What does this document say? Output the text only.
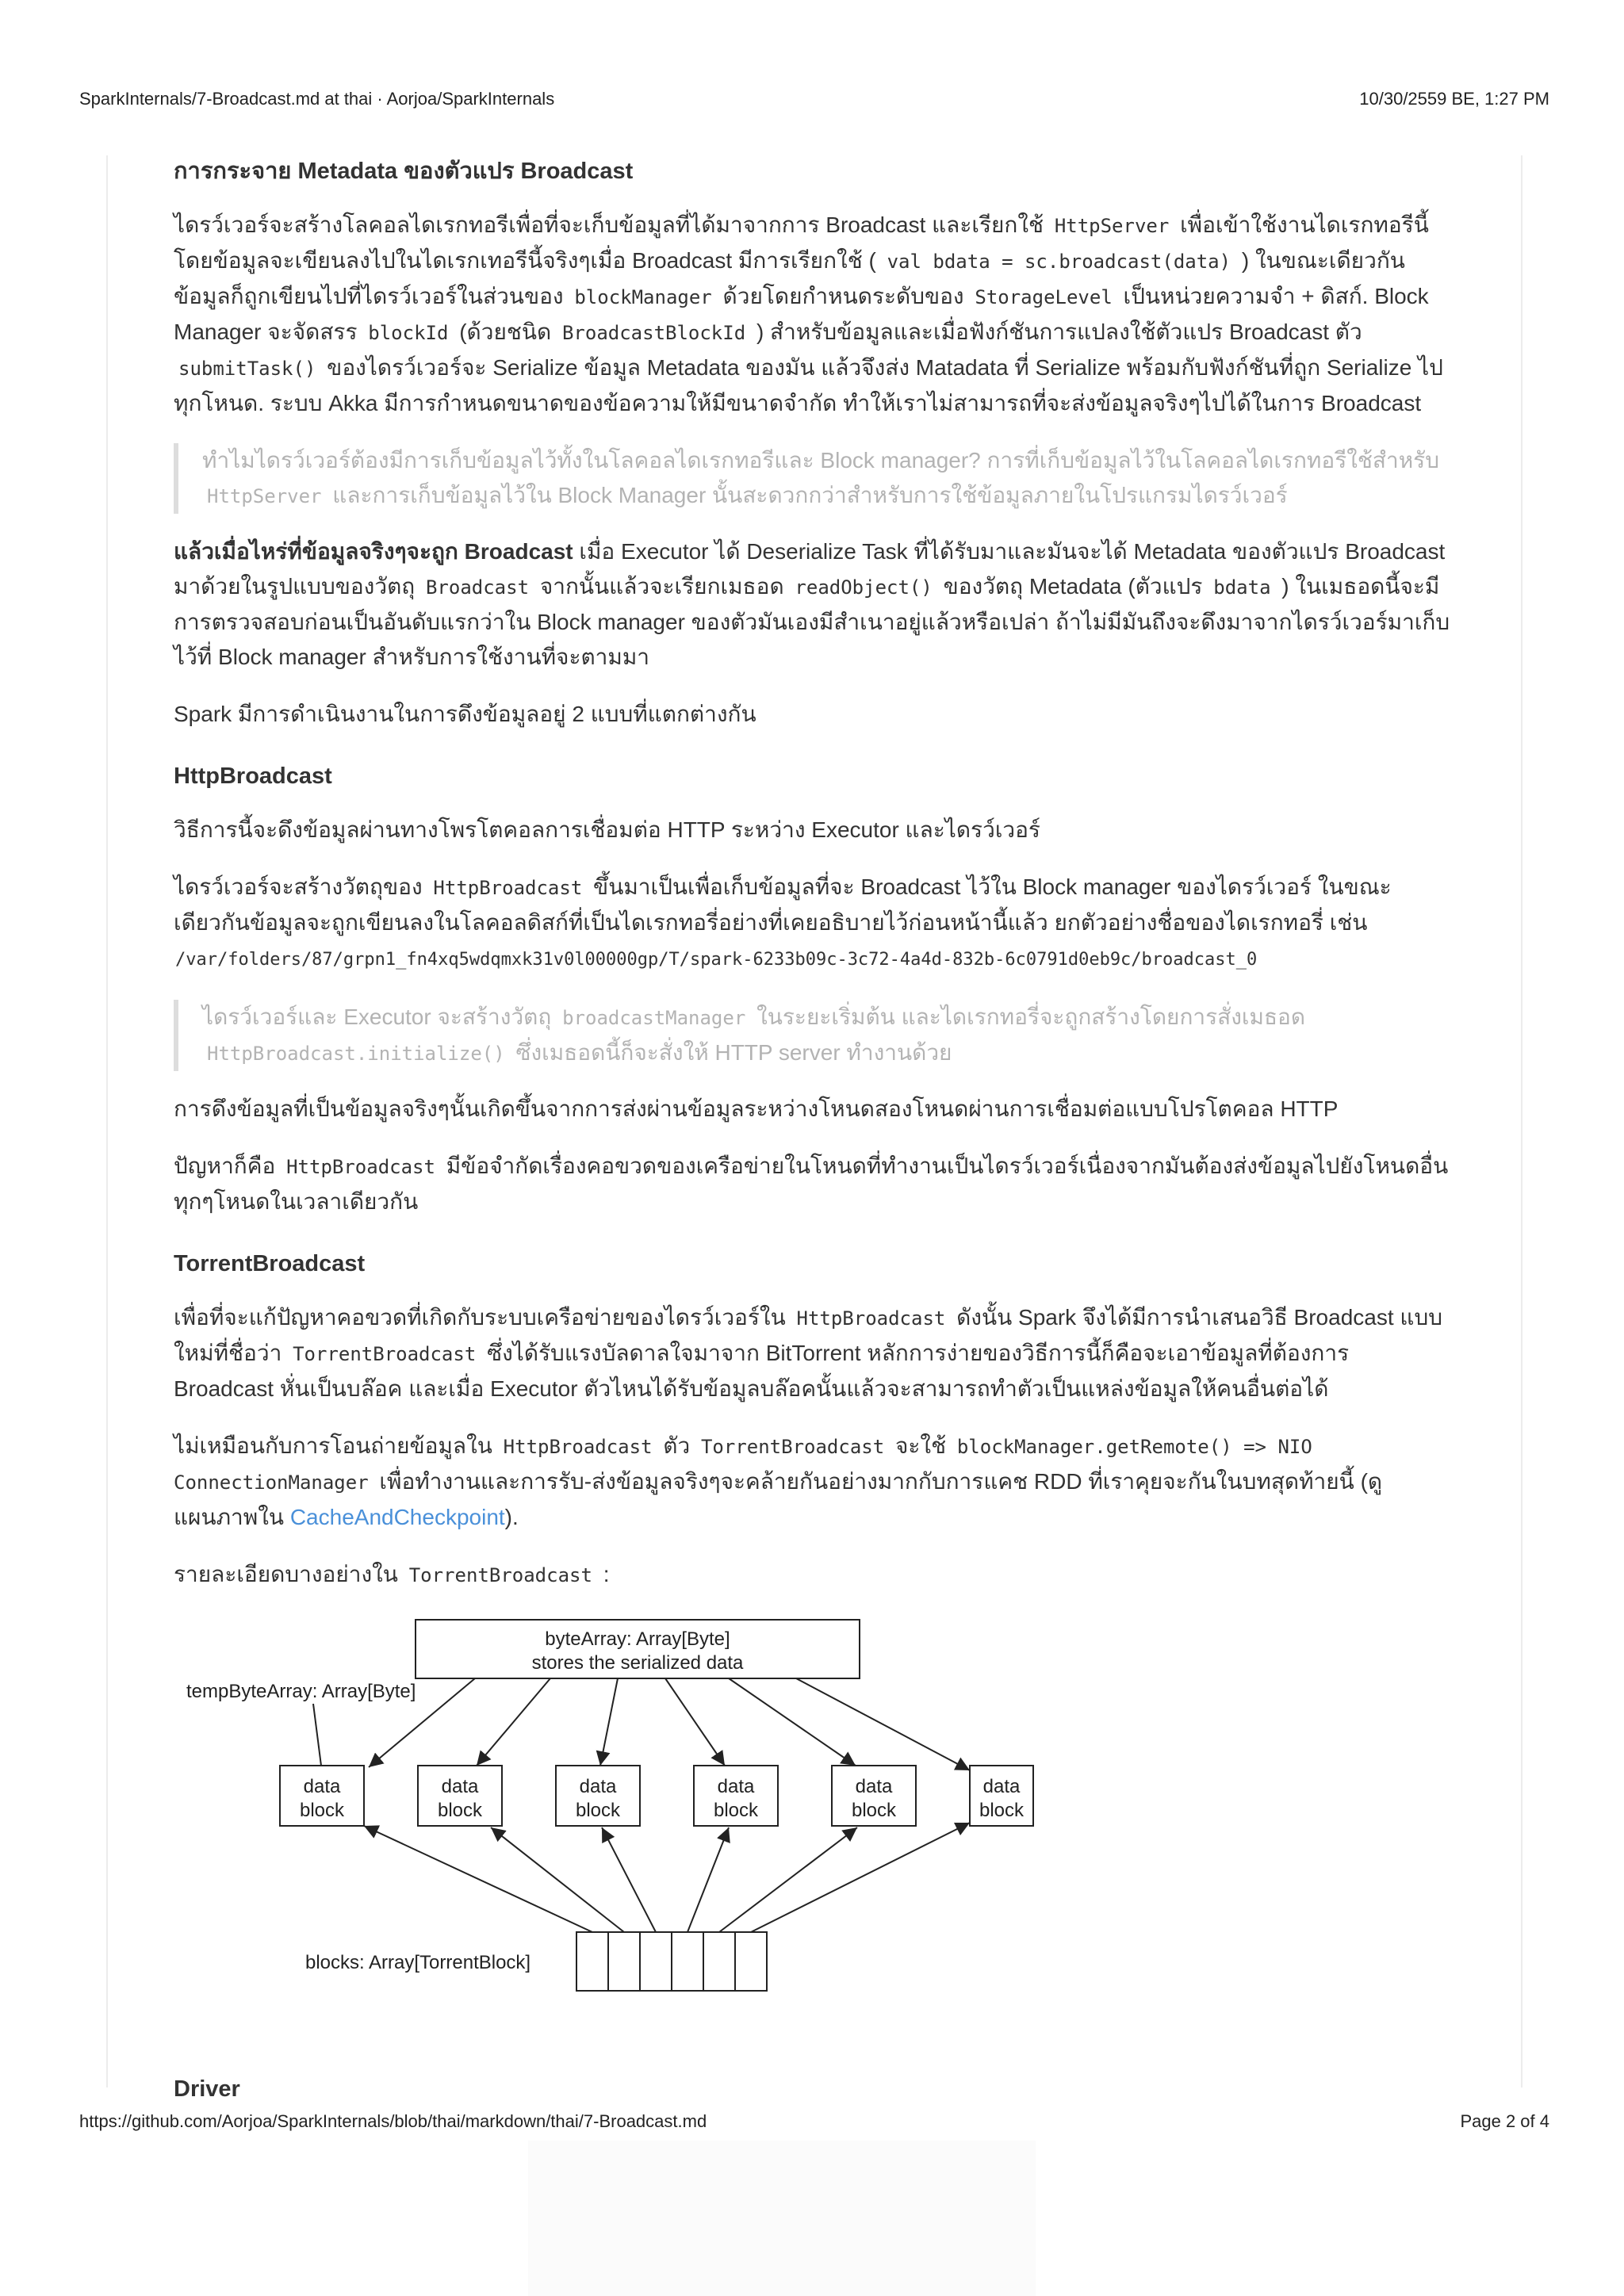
SparkInternals/7-Broadcast.md at thai · Aorjoa/SparkInternals	10/30/2559 BE, 1:27 PM
การกระจาย Metadata ของตัวแปร Broadcast

ไดรว์เวอร์จะสร้างโลคอลไดเรกทอรีเพื่อที่จะเก็บข้อมูลที่ได้มาจากการ Broadcast และเรียกใช้ HttpServer เพื่อเข้าใช้งานไดเรกทอรีนี้โดยข้อมูลจะเขียนลงไปในไดเรกเทอรีนี้จริงๆเมื่อ Broadcast มีการเรียกใช้ ( val bdata = sc.broadcast(data) ) ในขณะเดียวกันข้อมูลก็ถูกเขียนไปที่ไดรว์เวอร์ในส่วนของ blockManager ด้วยโดยกำหนดระดับของ StorageLevel เป็นหน่วยความจำ + ดิสก์. Block Manager จะจัดสรร blockId (ด้วยชนิด BroadcastBlockId ) สำหรับข้อมูลและเมื่อฟังก์ชันการแปลงใช้ตัวแปร Broadcast ตัว submitTask() ของไดรว์เวอร์จะ Serialize ข้อมูล Metadata ของมัน แล้วจึงส่ง Matadata ที่ Serialize พร้อมกับฟังก์ชันที่ถูก Serialize ไปทุกโหนด. ระบบ Akka มีการกำหนดขนาดของข้อความให้มีขนาดจำกัด ทำให้เราไม่สามารถที่จะส่งข้อมูลจริงๆไปได้ในการ Broadcast

ทำไมไดรว์เวอร์ต้องมีการเก็บข้อมูลไว้ทั้งในโลคอลไดเรกทอรีและ Block manager? การที่เก็บข้อมูลไว้ในโลคอลไดเรกทอรีใช้สำหรับ HttpServer และการเก็บข้อมูลไว้ใน Block Manager นั้นสะดวกกว่าสำหรับการใช้ข้อมูลภายในโปรแกรมไดรว์เวอร์

แล้วเมื่อไหร่ที่ข้อมูลจริงๆจะถูก Broadcast เมื่อ Executor ได้ Deserialize Task ที่ได้รับมาและมันจะได้ Metadata ของตัวแปร Broadcast มาด้วยในรูปแบบของวัตถุ Broadcast จากนั้นแล้วจะเรียกเมธอด readObject() ของวัตถุ Metadata (ตัวแปร bdata ) ในเมธอดนี้จะมีการตรวจสอบก่อนเป็นอันดับแรกว่าใน Block manager ของตัวมันเองมีสำเนาอยู่แล้วหรือเปล่า ถ้าไม่มีมันถึงจะดึงมาจากไดรว์เวอร์มาเก็บไว้ที่ Block manager สำหรับการใช้งานที่จะตามมา

Spark มีการดำเนินงานในการดึงข้อมูลอยู่ 2 แบบที่แตกต่างกัน

HttpBroadcast

วิธีการนี้จะดึงข้อมูลผ่านทางโพรโตคอลการเชื่อมต่อ HTTP ระหว่าง Executor และไดรว์เวอร์

ไดรว์เวอร์จะสร้างวัตถุของ HttpBroadcast ขึ้นมาเป็นเพื่อเก็บข้อมูลที่จะ Broadcast ไว้ใน Block manager ของไดรว์เวอร์ ในขณะเดียวกันข้อมูลจะถูกเขียนลงในโลคอลดิสก์ที่เป็นไดเรกทอรี่อย่างที่เคยอธิบายไว้ก่อนหน้านี้แล้ว ยกตัวอย่างชื่อของไดเรกทอรี่ เช่น /var/folders/87/grpn1_fn4xq5wdqmxk31v0l00000gp/T/spark-6233b09c-3c72-4a4d-832b-6c0791d0eb9c/broadcast_0

ไดรว์เวอร์และ Executor จะสร้างวัตถุ broadcastManager ในระยะเริ่มต้น และไดเรกทอรี่จะถูกสร้างโดยการสั่งเมธอด HttpBroadcast.initialize() ซึ่งเมธอดนี้ก็จะสั่งให้ HTTP server ทำงานด้วย

การดึงข้อมูลที่เป็นข้อมูลจริงๆนั้นเกิดขึ้นจากการส่งผ่านข้อมูลระหว่างโหนดสองโหนดผ่านการเชื่อมต่อแบบโปรโตคอล HTTP

ปัญหาก็คือ HttpBroadcast มีข้อจำกัดเรื่องคอขวดของเครือข่ายในโหนดที่ทำงานเป็นไดรว์เวอร์เนื่องจากมันต้องส่งข้อมูลไปยังโหนดอื่นทุกๆโหนดในเวลาเดียวกัน

TorrentBroadcast

เพื่อที่จะแก้ปัญหาคอขวดที่เกิดกับระบบเครือข่ายของไดรว์เวอร์ใน HttpBroadcast ดังนั้น Spark จึงได้มีการนำเสนอวิธี Broadcast แบบใหม่ที่ชื่อว่า TorrentBroadcast ซึ่งได้รับแรงบัลดาลใจมาจาก BitTorrent หลักการง่ายของวิธีการนี้ก็คือจะเอาข้อมูลที่ต้องการ Broadcast หั่นเป็นบล๊อค และเมื่อ Executor ตัวไหนได้รับข้อมูลบล๊อคนั้นแล้วจะสามารถทำตัวเป็นแหล่งข้อมูลให้คนอื่นต่อได้

ไม่เหมือนกับการโอนถ่ายข้อมูลใน HttpBroadcast ตัว TorrentBroadcast จะใช้ blockManager.getRemote() => NIO ConnectionManager เพื่อทำงานและการรับ-ส่งข้อมูลจริงๆจะคล้ายกันอย่างมากกับการแคช RDD ที่เราคุยจะกันในบทสุดท้ายนี้ (ดูแผนภาพใน CacheAndCheckpoint).

รายละเอียดบางอย่างใน TorrentBroadcast :

byteArray: Array[Byte]
stores the serialized data
tempByteArray: Array[Byte]
data
block
data
block
data
block
data
block
data
block
data
block
blocks: Array[TorrentBlock]
Driver
https://github.com/Aorjoa/SparkInternals/blob/thai/markdown/thai/7-Broadcast.md	Page 2 of 4
